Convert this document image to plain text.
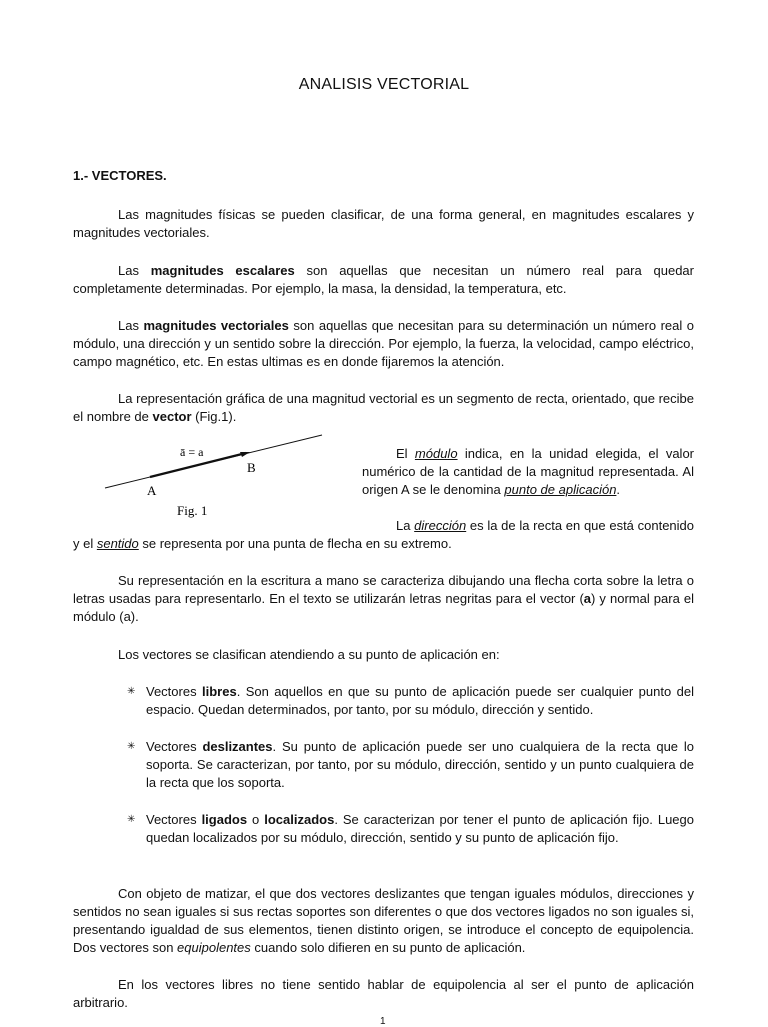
ANALISIS VECTORIAL
1.- VECTORES.
Las magnitudes físicas se pueden clasificar, de una forma general, en magnitudes escalares y magnitudes vectoriales.
Las magnitudes escalares son aquellas que necesitan un número real para quedar completamente determinadas. Por ejemplo, la masa, la densidad, la temperatura, etc.
Las magnitudes vectoriales son aquellas que necesitan para su determinación un número real o módulo, una dirección y un sentido sobre la dirección. Por ejemplo, la fuerza, la velocidad, campo eléctrico, campo magnético, etc. En estas ultimas es en donde fijaremos la atención.
La representación gráfica de una magnitud vectorial es un segmento de recta, orientado, que recibe el nombre de vector (Fig.1).
ā = a
A
B
Fig. 1
El módulo indica, en la unidad elegida, el valor numérico de la cantidad de la magnitud representada. Al origen A se le denomina punto de aplicación.
La dirección es la de la recta en que está contenido y el sentido se representa por una punta de flecha en su extremo.
Su representación en la escritura a mano se caracteriza dibujando una flecha corta sobre la letra o letras usadas para representarlo. En el texto se utilizarán letras negritas para el vector (a) y normal para el módulo (a).
Los vectores se clasifican atendiendo a su punto de aplicación en:
✳ Vectores libres. Son aquellos en que su punto de aplicación puede ser cualquier punto del espacio. Quedan determinados, por tanto, por su módulo, dirección y sentido.
✳ Vectores deslizantes. Su punto de aplicación puede ser uno cualquiera de la recta que lo soporta. Se caracterizan, por tanto, por su módulo, dirección, sentido y un punto cualquiera de la recta que los soporta.
✳ Vectores ligados o localizados. Se caracterizan por tener el punto de aplicación fijo. Luego quedan localizados por su módulo, dirección, sentido y su punto de aplicación fijo.
Con objeto de matizar, el que dos vectores deslizantes que tengan iguales módulos, direcciones y sentidos no sean iguales si sus rectas soportes son diferentes o que dos vectores ligados no son iguales si, presentando igualdad de sus elementos, tienen distinto origen, se introduce el concepto de equipolencia. Dos vectores son equipolentes cuando solo difieren en su punto de aplicación.
En los vectores libres no tiene sentido hablar de equipolencia al ser el punto de aplicación arbitrario.
1
